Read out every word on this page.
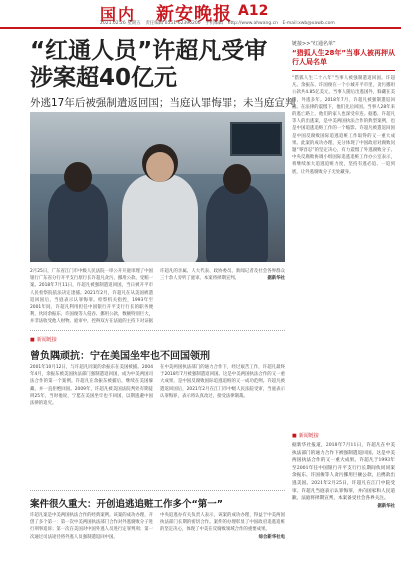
国内 新安晚报 A12
2021.02.26 星期五　责任编辑 0551-62396200　手机编辑　http://www.ahwang.cn　E-mail:xwb@xawb.com
“红通人员”许超凡受审 涉案超40亿元
外逃17年后被强制遣返回国；当庭认罪悔罪；未当庭宣判

链接>>“红通名单”

“猎狐人生28年”当事人被再押从行人局名单

“猎狐人生二十八年”当事人被强制遣返回国。许超凡、余振东、许国俊在一个小城开平市里，贪污挪用公款共4.85亿美元，当事人随后出逃国外，躲藏在美国，外逃多年。2018年7月，许超凡被强制遣返回国。在法律的震慑下，他们先后回国。当事人28年来的逃亡路上，他们的家人也深受牵连。据悉，许超凡等人的出逃案，是中美两国执法合作的典型案例，也是中国追逃追赃工作的一个缩影。许超凡被遣返回国是中国反腐败国际追逃追赃工作取得的又一重大成果。此案的成功办理，充分体现了中国政府对腐败问题“零容忍”的坚定决心，有力震慑了外逃腐败分子。中央反腐败协调小组国际追逃追赃工作办公室表示，将继续加大追逃追赃力度，坚持有逃必追、一追到底，让外逃腐败分子无处藏身。
2月25日，广东省江门市中级人民法院一审公开开庭审理了中国银行广东省分行开平支行原行长许超凡贪污、挪用公款、受贿一案。2018年7月11日，许超凡被强制遣返回国，当日被开平市人民检察院依法决定逮捕。2021年2月，许超凡在从美国被遣返回国后，当庭表示认罪悔罪。检察机关指控，1993年至2001年间，许超凡利用担任中国银行开平支行行长的职务便利，伙同余振东、许国俊等人侵吞、挪用公款，数额特别巨大，并非法收受他人财物。庭审中，控辩双方在法庭的主持下对证据
许超凡的亲属、人大代表、政协委员、新闻记者及社会各界群众三十余人旁听了庭审。本案将择期宣判。	据新华社
■ 新闻链接
曾负隅顽抗：宁在美国坐牢也不回国领刑
2001年10月12日，与许超凡同案的余振东在美国被捕。2004年4月，余振东被美国执法部门强制遣返回国，成为中美两国司法合作的第一个案例。许超凡在余振东被捕后，继续在美国躲藏，并一直拒绝回国。2009年，许超凡被美国法院判处有期徒刑25年，当时他说，宁愿在美国坐牢也不回国，以期逃避中国法律的追究。
在中美两国执法部门的通力合作下，经过艰苦工作，许超凡最终于2018年7月被强制遣返回国。这是中美两国执法合作的又一重大成果，是中国反腐败国际追逃追赃的又一成功范例。许超凡被遣返回国后，2021年2月在江门市中级人民法院受审，当庭表示认罪悔罪，表示将认真改过、接受法律制裁。
案件很久重大：开创追逃追赃工作多个“第一”
许超凡案是中美两国执法合作的经典案例。该案的成功办理，开创了多个第一：第一次中美两国执法部门合作对外逃腐败分子进行刑事追诉；第一次在美国对中国外逃人员进行定罪判刑；第一次通过司法途径将外逃人员强制遣返回中国。
中央追逃办有关负责人表示，该案的成功办理，得益于中美两国执法部门长期的密切合作。案件的办理彰显了中国政府追逃追赃的坚定决心，体现了中美在反腐败领域合作的重要成果。

综合新华社电
■ 新闻链接
据新华社报道，2018年7月11日，许超凡在中美执法部门的通力合作下被强制遣返回国。这是中美两国执法合作的又一重大成果。许超凡于1993年至2001年任中国银行开平支行行长期间伙同同案余振东、许国俊等人贪污挪用巨额公款，后携款出逃美国。2021年2月25日，许超凡在江门中院受审。许超凡当庭表示认罪悔罪，并向国家和人民道歉。法庭将择期宣判，本案备受社会各界关注。
据新华社
